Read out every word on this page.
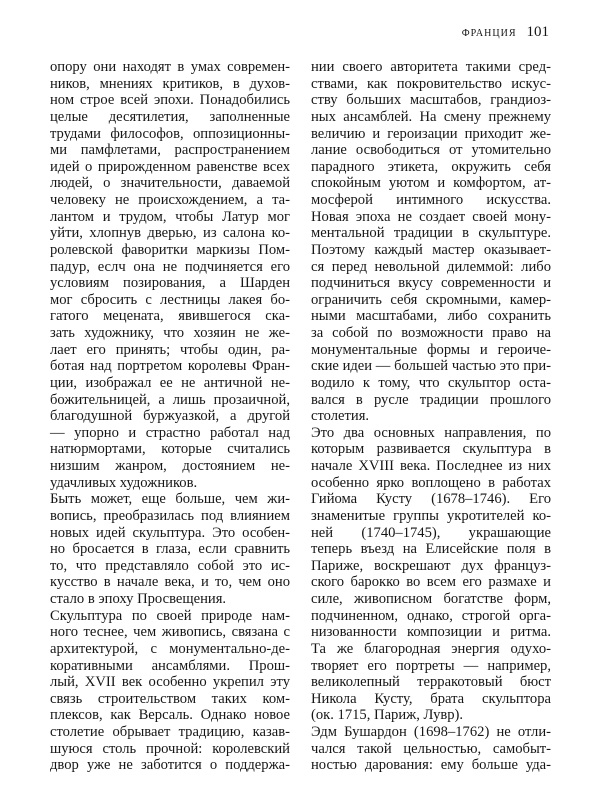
ФРАНЦИЯ 101
опору они находят в умах современ-
ников, мнениях критиков, в духов-
ном строе всей эпохи. Понадобились
целые десятилетия, заполненные
трудами философов, оппозиционны-
ми памфлетами, распространением
идей о прирожденном равенстве всех
людей, о значительности, даваемой
человеку не происхождением, а та-
лантом и трудом, чтобы Латур мог
уйти, хлопнув дверью, из салона ко-
ролевской фаворитки маркизы Пом-
падур, еслч она не подчиняется его
условиям позирования, а Шарден
мог сбросить с лестницы лакея бо-
гатого мецената, явившегося ска-
зать художнику, что хозяин не же-
лает его принять; чтобы один, ра-
ботая над портретом королевы Фран-
ции, изображал ее не античной не-
божительницей, а лишь прозаичной,
благодушной буржуазкой, а другой
— упорно и страстно работал над
натюрмортами, которые считались
низшим жанром, достоянием не-
удачливых художников.
Быть может, еще больше, чем жи-
вопись, преобразилась под влиянием
новых идей скульптура. Это особен-
но бросается в глаза, если сравнить
то, что представляло собой это ис-
кусство в начале века, и то, чем оно
стало в эпоху Просвещения.
Скульптура по своей природе нам-
ного теснее, чем живопись, связана с
архитектурой, с монументально-де-
коративными ансамблями. Прош-
лый, XVII век особенно укрепил эту
связь строительством таких ком-
плексов, как Версаль. Однако новое
столетие обрывает традицию, казав-
шуюся столь прочной: королевский
двор уже не заботится о поддержа-
нии своего авторитета такими сред-
ствами, как покровительство искус-
ству больших масштабов, грандиоз-
ных ансамблей. На смену прежнему
величию и героизации приходит же-
лание освободиться от утомительно
парадного этикета, окружить себя
спокойным уютом и комфортом, ат-
мосферой интимного искусства.
Новая эпоха не создает своей мону-
ментальной традиции в скульптуре.
Поэтому каждый мастер оказывает-
ся перед невольной дилеммой: либо
подчиниться вкусу современности и
ограничить себя скромными, камер-
ными масштабами, либо сохранить
за собой по возможности право на
монументальные формы и героиче-
ские идеи — большей частью это при-
водило к тому, что скульптор оста-
вался в русле традиции прошлого
столетия.
Это два основных направления, по
которым развивается скульптура в
начале XVIII века. Последнее из них
особенно ярко воплощено в работах
Гийома Кусту (1678–1746). Его
знаменитые группы укротителей ко-
ней (1740–1745), украшающие
теперь въезд на Елисейские поля в
Париже, воскрешают дух француз-
ского барокко во всем его размахе и
силе, живописном богатстве форм,
подчиненном, однако, строгой орга-
низованности композиции и ритма.
Та же благородная энергия одухо-
творяет его портреты — например,
великолепный терракотовый бюст
Никола Кусту, брата скульптора
(ок. 1715, Париж, Лувр).
Эдм Бушардон (1698–1762) не отли-
чался такой цельностью, самобыт-
ностью дарования: ему больше уда-
